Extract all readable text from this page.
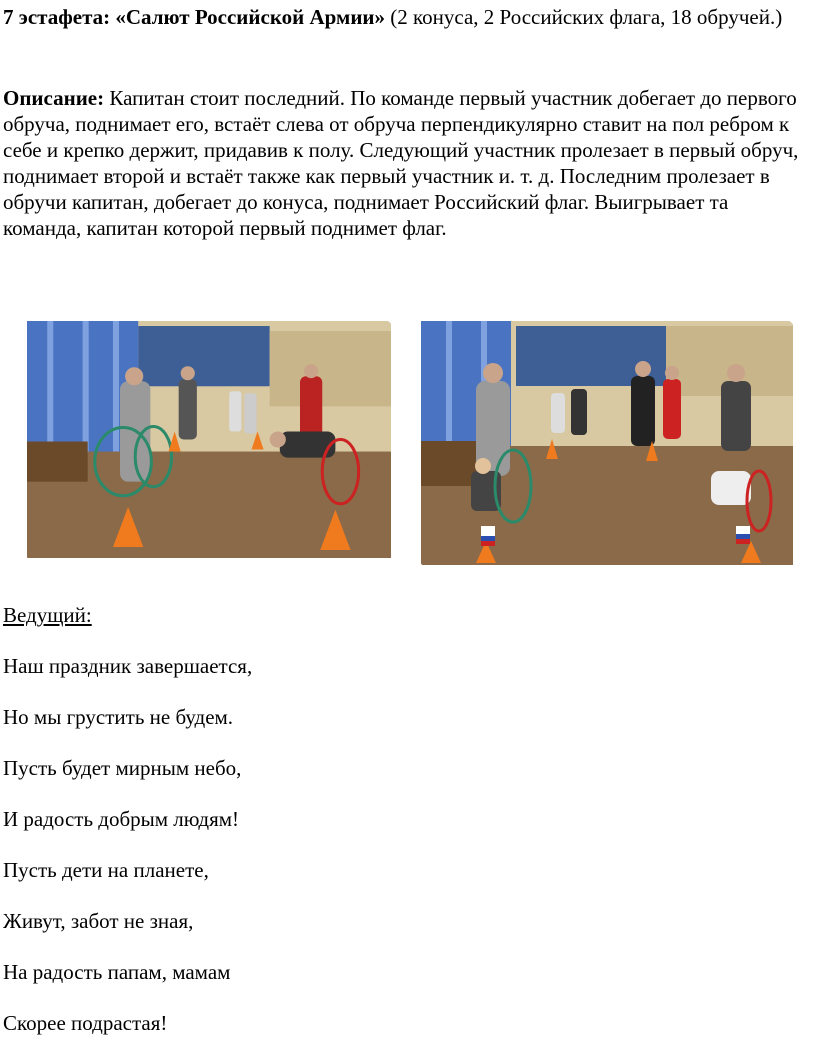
7 эстафета: «Салют Российской Армии» (2 конуса, 2 Российских флага, 18 обручей.)

Описание: Капитан стоит последний. По команде первый участник добегает до первого обруча, поднимает его, встаёт слева от обруча перпендикулярно ставит на пол ребром к себе и крепко держит, придавив к полу. Следующий участник пролезает в первый обруч, поднимает второй и встаёт также как первый участник и. т. д. Последним пролезает в обручи капитан, добегает до конуса, поднимает Российский флаг. Выигрывает та команда, капитан которой первый поднимет флаг.

Ведущий:

Наш праздник завершается,

Но мы грустить не будем.

Пусть будет мирным небо,

И радость добрым людям!

Пусть дети на планете,

Живут, забот не зная,

На радость папам, мамам

Скорее подрастая!
